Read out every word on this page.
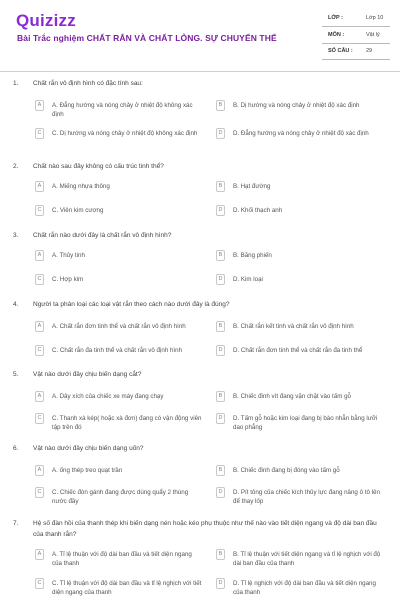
Quizizz
Bài Trắc nghiệm CHẤT RẮN VÀ CHẤT LỎNG. SỰ CHUYỂN THỂ
LỚP :	Lớp 10
MÔN :	Vật lý
SỐ CÂU : 29
1. Chất rắn vô định hình có đặc tính sau:
A	A. Đẳng hướng và nóng chảy ở nhiệt độ không xác định
B	B. Dị hướng và nóng chảy ở nhiệt độ xác định
C	C. Dị hướng và nóng chảy ở nhiệt độ không xác định	D	D. Đẳng hướng và nóng chảy ở nhiệt độ xác định
2. Chất nào sau đây không có cấu trúc tinh thể?
A	A. Miếng nhựa thông	B	B. Hạt đường
C	C. Viên kim cương	D	D. Khối thạch anh
3. Chất rắn nào dưới đây là chất rắn vô định hình?
A	A. Thủy tinh	B	B. Băng phiến
C	C. Hợp kim	D	D. Kim loại
4. Người ta phân loại các loại vật rắn theo cách nào dưới đây là đúng?
A	A. Chất rắn đơn tinh thể và chất rắn vô định hình	B	B. Chất rắn kết tinh và chất rắn vô định hình
C	C. Chất rắn đa tinh thể và chất rắn vô định hình	D	D. Chất rắn đơn tinh thể và chất rắn đa tinh thể
5. Vật nào dưới đây chịu biến dạng cắt?
A	A. Dây xích của chiếc xe máy đang chạy	B	B. Chiếc đinh vít đang vặn chặt vào tấm gỗ
C	C. Thanh xà kép( hoặc xà đơn) đang có vận động viên tập trên đó
D	D. Tấm gỗ hoặc kim loại đang bị bào nhẵn bằng lưỡi dao phẳng
6. Vật nào dưới đây chịu biến dạng uốn?
A	A. ống thép treo quạt trần	B	B. Chiếc đinh đang bị đóng vào tấm gỗ
C	C. Chiếc đòn gánh đang được dùng quẩy 2 thùng nước đầy
D	D. Pít tông của chiếc kích thủy lực đang nâng ô tô lên để thay lốp
7. Hệ số đàn hồi của thanh thép khi biến dạng nén hoặc kéo phụ thuộc như thế nào vào tiết diện ngang và độ dài ban đầu của thanh rắn?
A	A. Tỉ lệ thuận với độ dài ban đầu và tiết diện ngang của thanh
B	B. Tỉ lệ thuận với tiết diện ngang và tỉ lệ nghịch với độ dài ban đầu của thanh
C	C. Tỉ lệ thuận với độ dài ban đầu và tỉ lệ nghịch với tiết diện ngang của thanh
D	D. Tỉ lệ nghịch với độ dài ban đầu và tiết diện ngang của thanh
